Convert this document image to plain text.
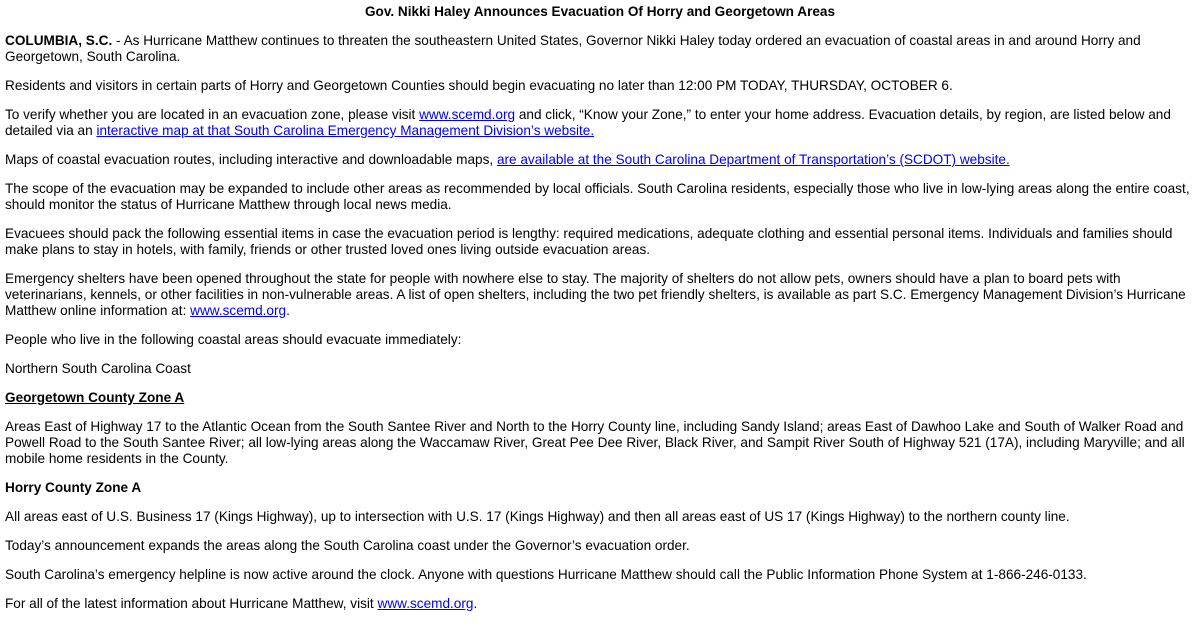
Gov. Nikki Haley Announces Evacuation Of Horry and Georgetown Areas

COLUMBIA, S.C. - As Hurricane Matthew continues to threaten the southeastern United States, Governor Nikki Haley today ordered an evacuation of coastal areas in and around Horry and Georgetown, South Carolina.

Residents and visitors in certain parts of Horry and Georgetown Counties should begin evacuating no later than 12:00 PM TODAY, THURSDAY, OCTOBER 6.

To verify whether you are located in an evacuation zone, please visit www.scemd.org and click, “Know your Zone,” to enter your home address. Evacuation details, by region, are listed below and detailed via an interactive map at that South Carolina Emergency Management Division’s website.

Maps of coastal evacuation routes, including interactive and downloadable maps, are available at the South Carolina Department of Transportation’s (SCDOT) website.

The scope of the evacuation may be expanded to include other areas as recommended by local officials. South Carolina residents, especially those who live in low-lying areas along the entire coast, should monitor the status of Hurricane Matthew through local news media.

Evacuees should pack the following essential items in case the evacuation period is lengthy: required medications, adequate clothing and essential personal items. Individuals and families should make plans to stay in hotels, with family, friends or other trusted loved ones living outside evacuation areas.

Emergency shelters have been opened throughout the state for people with nowhere else to stay. The majority of shelters do not allow pets, owners should have a plan to board pets with veterinarians, kennels, or other facilities in non-vulnerable areas. A list of open shelters, including the two pet friendly shelters, is available as part S.C. Emergency Management Division’s Hurricane Matthew online information at: www.scemd.org.

People who live in the following coastal areas should evacuate immediately:

Northern South Carolina Coast

Georgetown County Zone A

Areas East of Highway 17 to the Atlantic Ocean from the South Santee River and North to the Horry County line, including Sandy Island; areas East of Dawhoo Lake and South of Walker Road and Powell Road to the South Santee River; all low-lying areas along the Waccamaw River, Great Pee Dee River, Black River, and Sampit River South of Highway 521 (17A), including Maryville; and all mobile home residents in the County.

Horry County Zone A

All areas east of U.S. Business 17 (Kings Highway), up to intersection with U.S. 17 (Kings Highway) and then all areas east of US 17 (Kings Highway) to the northern county line.

Today’s announcement expands the areas along the South Carolina coast under the Governor’s evacuation order.

South Carolina’s emergency helpline is now active around the clock. Anyone with questions Hurricane Matthew should call the Public Information Phone System at 1-866-246-0133.

For all of the latest information about Hurricane Matthew, visit www.scemd.org.
